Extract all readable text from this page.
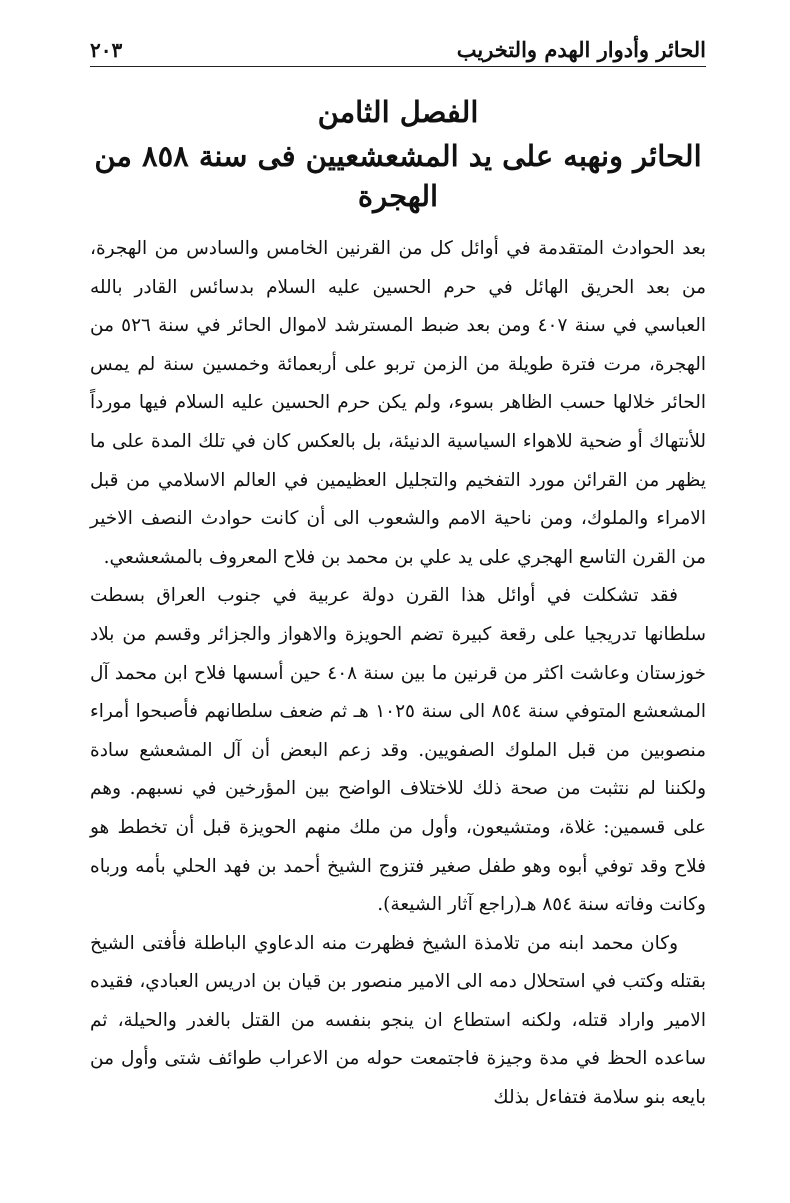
الحائر وأدوار الهدم والتخريب
٢٠٣
الفصل الثامن
الحائر ونهبه على يد المشعشعيين فى سنة ٨٥٨ من الهجرة

بعد الحوادث المتقدمة في أوائل كل من القرنين الخامس والسادس من الهجرة، من بعد الحريق الهائل في حرم الحسين عليه السلام بدسائس القادر بالله العباسي في سنة ٤٠٧ ومن بعد ضبط المسترشد لاموال الحائر في سنة ٥٢٦ من الهجرة، مرت فترة طويلة من الزمن تربو على أربعمائة وخمسين سنة لم يمس الحائر خلالها حسب الظاهر بسوء، ولم يكن حرم الحسين عليه السلام فيها مورداً للأنتهاك أو ضحية للاهواء السياسية الدنيئة، بل بالعكس كان في تلك المدة على ما يظهر من القرائن مورد التفخيم والتجليل العظيمين في العالم الاسلامي من قبل الامراء والملوك، ومن ناحية الامم والشعوب الى أن كانت حوادث النصف الاخير من القرن التاسع الهجري على يد علي بن محمد بن فلاح المعروف بالمشعشعي.

فقد تشكلت في أوائل هذا القرن دولة عربية في جنوب العراق بسطت سلطانها تدريجيا على رقعة كبيرة تضم الحويزة والاهواز والجزائر وقسم من بلاد خوزستان وعاشت اكثر من قرنين ما بين سنة ٤٠٨ حين أسسها فلاح ابن محمد آل المشعشع المتوفي سنة ٨٥٤ الى سنة ١٠٢٥ هـ ثم ضعف سلطانهم فأصبحوا أمراء منصوبين من قبل الملوك الصفويين. وقد زعم البعض أن آل المشعشع سادة ولكننا لم نتثبت من صحة ذلك للاختلاف الواضح بين المؤرخين في نسبهم. وهم على قسمين: غلاة، ومتشيعون، وأول من ملك منهم الحويزة قبل أن تخطط هو فلاح وقد توفي أبوه وهو طفل صغير فتزوج الشيخ أحمد بن فهد الحلي بأمه ورباه وكانت وفاته سنة ٨٥٤ هـ(راجع آثار الشيعة).

وكان محمد ابنه من تلامذة الشيخ فظهرت منه الدعاوي الباطلة فأفتى الشيخ بقتله وكتب في استحلال دمه الى الامير منصور بن قيان بن ادريس العبادي، فقيده الامير واراد قتله، ولكنه استطاع ان ينجو بنفسه من القتل بالغدر والحيلة، ثم ساعده الحظ في مدة وجيزة فاجتمعت حوله من الاعراب طوائف شتى وأول من بايعه بنو سلامة فتفاءل بذلك
